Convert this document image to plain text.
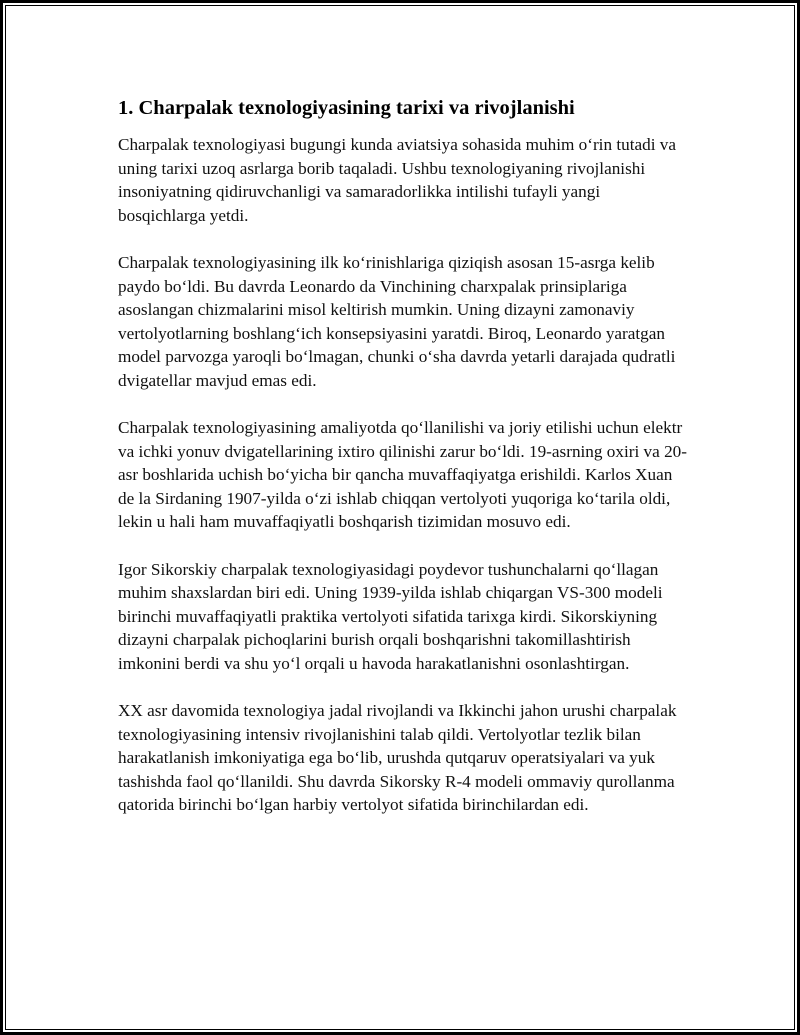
1. Charpalak texnologiyasining tarixi va rivojlanishi

Charpalak texnologiyasi bugungi kunda aviatsiya sohasida muhim o‘rin tutadi va uning tarixi uzoq asrlarga borib taqaladi. Ushbu texnologiyaning rivojlanishi insoniyatning qidiruvchanligi va samaradorlikka intilishi tufayli yangi bosqichlarga yetdi.

Charpalak texnologiyasining ilk ko‘rinishlariga qiziqish asosan 15-asrga kelib paydo bo‘ldi. Bu davrda Leonardo da Vinchining charxpalak prinsiplariga asoslangan chizmalarini misol keltirish mumkin. Uning dizayni zamonaviy vertolyotlarning boshlang‘ich konsepsiyasini yaratdi. Biroq, Leonardo yaratgan model parvozga yaroqli bo‘lmagan, chunki o‘sha davrda yetarli darajada qudratli dvigatellar mavjud emas edi.

Charpalak texnologiyasining amaliyotda qo‘llanilishi va joriy etilishi uchun elektr va ichki yonuv dvigatellarining ixtiro qilinishi zarur bo‘ldi. 19-asrning oxiri va 20-asr boshlarida uchish bo‘yicha bir qancha muvaffaqiyatga erishildi. Karlos Xuan de la Sirdaning 1907-yilda o‘zi ishlab chiqqan vertolyoti yuqoriga ko‘tarila oldi, lekin u hali ham muvaffaqiyatli boshqarish tizimidan mosuvo edi.

Igor Sikorskiy charpalak texnologiyasidagi poydevor tushunchalarni qo‘llagan muhim shaxslardan biri edi. Uning 1939-yilda ishlab chiqargan VS-300 modeli birinchi muvaffaqiyatli praktika vertolyoti sifatida tarixga kirdi. Sikorskiyning dizayni charpalak pichoqlarini burish orqali boshqarishni takomillashtirish imkonini berdi va shu yo‘l orqali u havoda harakatlanishni osonlashtirgan.

XX asr davomida texnologiya jadal rivojlandi va Ikkinchi jahon urushi charpalak texnologiyasining intensiv rivojlanishini talab qildi. Vertolyotlar tezlik bilan harakatlanish imkoniyatiga ega bo‘lib, urushda qutqaruv operatsiyalari va yuk tashishda faol qo‘llanildi. Shu davrda Sikorsky R-4 modeli ommaviy qurollanma qatorida birinchi bo‘lgan harbiy vertolyot sifatida birinchilardan edi.
